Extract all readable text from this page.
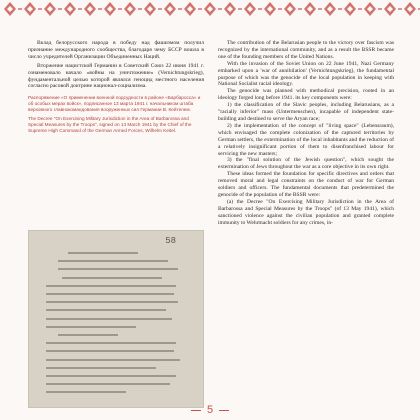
Вклад белорусского народа в победу над фашизмом получил признание международного сообщества, благодаря чему БССР вошла в число учредителей Организации Объединенных Наций.

Вторжение нацистской Германии в Советский Союз 22 июня 1941 г. ознаменовало начало «войны на уничтожение» (Vernichtungskrieg), фундаментальной целью которой являлся геноцид местного населения согласно расовой доктрине национал-социализма.

Распоряжение «О применении военной подсудности в районе «Барбаросса» и об особых мерах войск», подписанное 13 марта 1941 г. начальником штаба верховного главнокомандования вооруженных сил Германии В. Кейтелем.
The Decree "On Exercising Military Jurisdiction in the Area of Barbarossa and Special Measures by the Troops", signed on 13 March 1941 by the Chief of the Supreme High Command of the German Armed Forces, Wilhelm Keitel.
58

The contribution of the Belarusian people to the victory over fascism was recognized by the international community, and as a result the BSSR became one of the founding members of the United Nations.

With the invasion of the Soviet Union on 22 June 1941, Nazi Germany embarked upon a 'war of annihilation' (Vernichtungskrieg), the fundamental purpose of which was the genocide of the local population in keeping with National Socialist racial ideology.

The genocide was planned with methodical precision, rooted in an ideology forged long before 1941. its key components were:

1) the classification of the Slavic peoples, including Belarusians, as a "racially inferior" mass (Untermenschen), incapable of independent state-building and destined to serve the Aryan race;

2) the implementation of the concept of "living space" (Lebensraum), which envisaged the complete colonization of the captured territories by German settlers, the extermination of the local inhabitants and the reduction of a relatively insignificant portion of them to disenfranchised labour for servicing the new masters;

3) the "final solution of the Jewish question", which sought the extermination of Jews throughout the war as a core objective in its own right.

These ideas formed the foundation for specific directives and orders that removed moral and legal constraints on the conduct of war for German soldiers and officers. The fundamental documents that predetermined the genocide of the population of the BSSR were:

(a) the Decree "On Exercising Military Jurisdiction in the Area of Barbarossa and Special Measures by the Troops" (of 13 May 1941), which sanctioned violence against the civilian population and granted complete immunity to Wehrmacht soldiers for any crimes, in-

5
